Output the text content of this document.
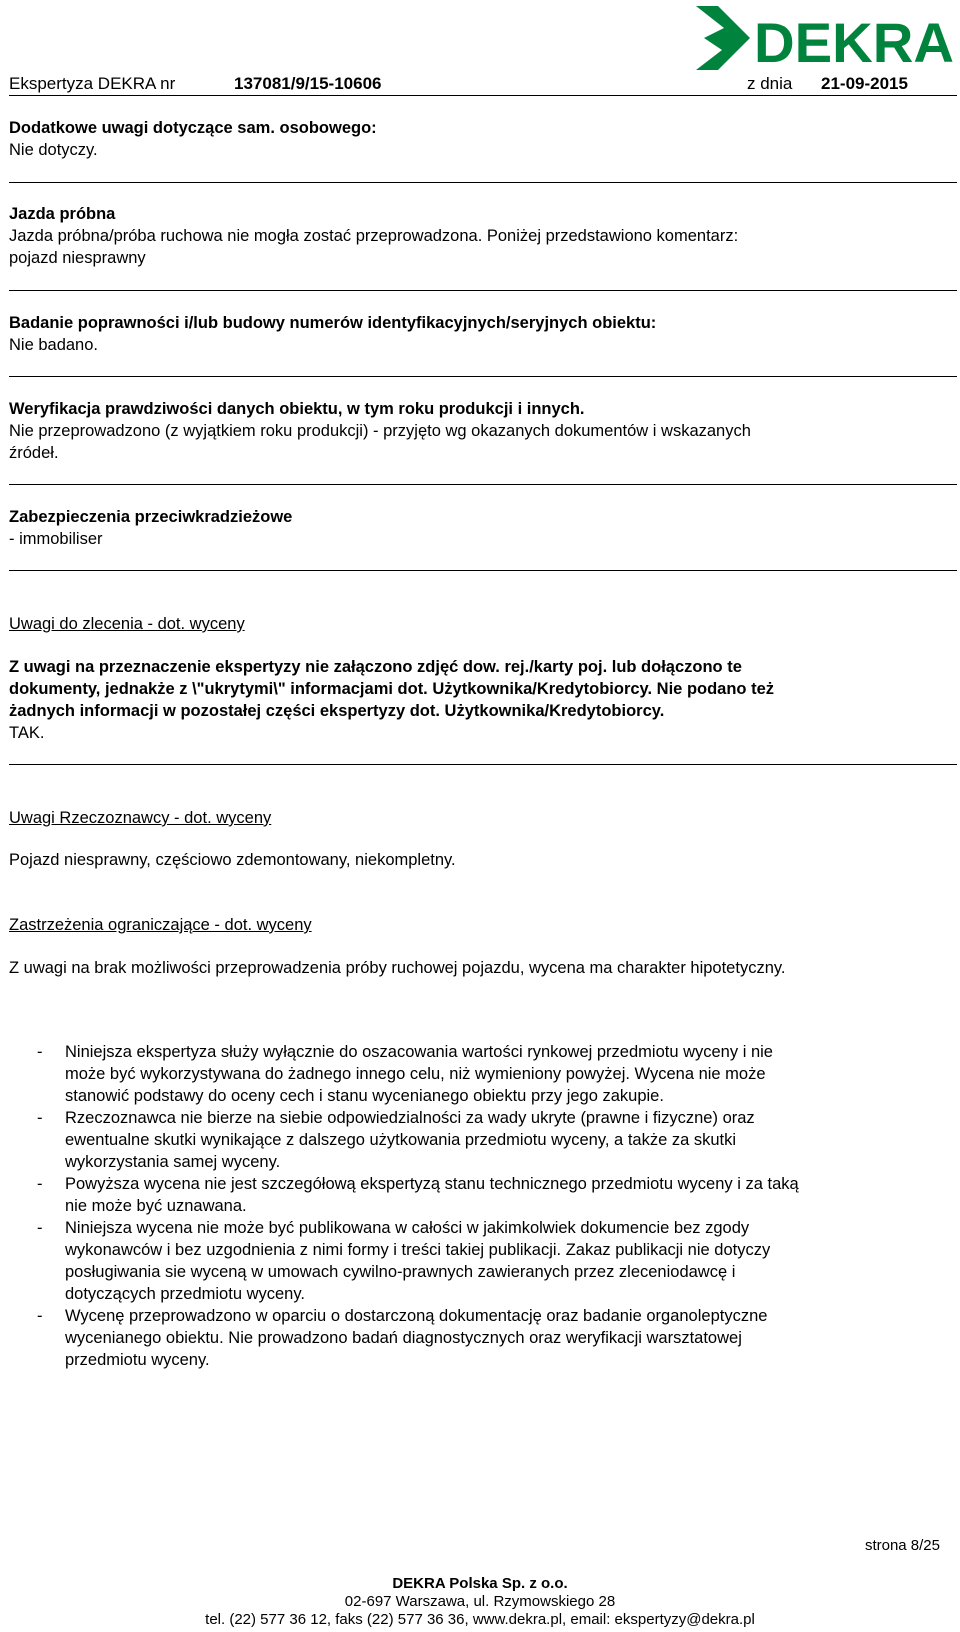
DEKRA
Ekspertyza DEKRA nr	137081/9/15-10606	z dnia 21-09-2015

Dodatkowe uwagi dotyczące sam. osobowego:

Nie dotyczy.

Jazda próbna

Jazda próbna/próba ruchowa nie mogła zostać przeprowadzona. Poniżej przedstawiono komentarz:

pojazd niesprawny

Badanie poprawności i/lub budowy numerów identyfikacyjnych/seryjnych obiektu:

Nie badano.

Weryfikacja prawdziwości danych obiektu, w tym roku produkcji i innych.

Nie przeprowadzono (z wyjątkiem roku produkcji) - przyjęto wg okazanych dokumentów i wskazanych

źródeł.

Zabezpieczenia przeciwkradzieżowe

- immobiliser

Uwagi do zlecenia - dot. wyceny

Z uwagi na przeznaczenie ekspertyzy nie załączono zdjęć dow. rej./karty poj. lub dołączono te

dokumenty, jednakże z \"ukrytymi\" informacjami dot. Użytkownika/Kredytobiorcy. Nie podano też

żadnych informacji w pozostałej części ekspertyzy dot. Użytkownika/Kredytobiorcy.

TAK.

Uwagi Rzeczoznawcy - dot. wyceny

Pojazd niesprawny, częściowo zdemontowany, niekompletny.

Zastrzeżenia ograniczające - dot. wyceny

Z uwagi na brak możliwości przeprowadzenia próby ruchowej pojazdu, wycena ma charakter hipotetyczny.

- Niniejsza ekspertyza służy wyłącznie do oszacowania wartości rynkowej przedmiotu wyceny i nie

może być wykorzystywana do żadnego innego celu, niż wymieniony powyżej. Wycena nie może

stanowić podstawy do oceny cech i stanu wycenianego obiektu przy jego zakupie.

- Rzeczoznawca nie bierze na siebie odpowiedzialności za wady ukryte (prawne i fizyczne) oraz

ewentualne skutki wynikające z dalszego użytkowania przedmiotu wyceny, a także za skutki

wykorzystania samej wyceny.

- Powyższa wycena nie jest szczegółową ekspertyzą stanu technicznego przedmiotu wyceny i za taką

nie może być uznawana.

- Niniejsza wycena nie może być publikowana w całości w jakimkolwiek dokumencie bez zgody

wykonawców i bez uzgodnienia z nimi formy i treści takiej publikacji. Zakaz publikacji nie dotyczy

posługiwania sie wyceną w umowach cywilno-prawnych zawieranych przez zleceniodawcę i

dotyczących przedmiotu wyceny.

- Wycenę przeprowadzono w oparciu o dostarczoną dokumentację oraz badanie organoleptyczne

wycenianego obiektu. Nie prowadzono badań diagnostycznych oraz weryfikacji warsztatowej

przedmiotu wyceny.

strona 8/25
DEKRA Polska Sp. z o.o.
02-697 Warszawa, ul. Rzymowskiego 28
tel. (22) 577 36 12, faks (22) 577 36 36, www.dekra.pl, email: ekspertyzy@dekra.pl
